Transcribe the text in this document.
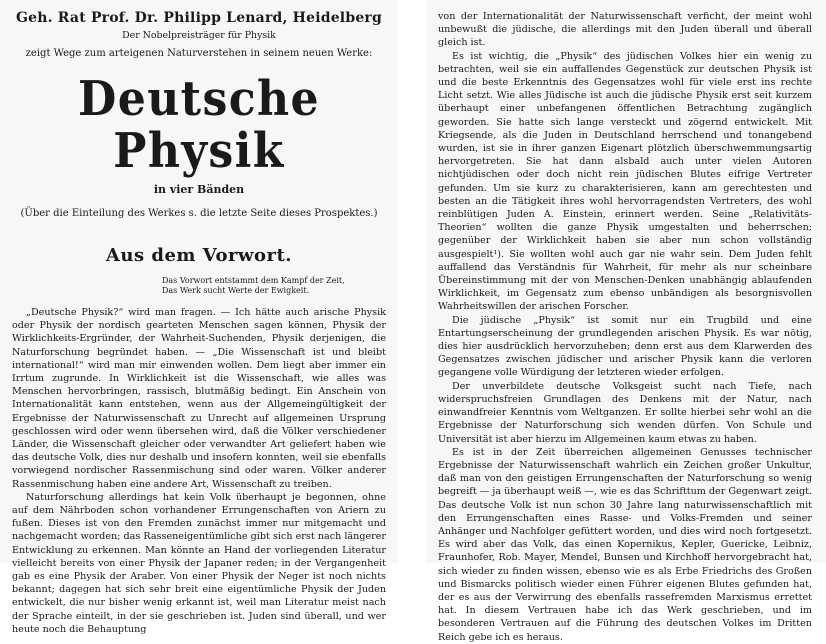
Geh. Rat Prof. Dr. Philipp Lenard, Heidelberg
Der Nobelpreisträger für Physik
zeigt Wege zum arteigenen Naturverstehen in seinem neuen Werke:
Deutsche Physik
in vier Bänden
(Über die Einteilung des Werkes s. die letzte Seite dieses Prospektes.)
Aus dem Vorwort.
Das Vorwort entstammt dem Kampf der Zeit,
Das Werk sucht Werte der Ewigkeit.

„Deutsche Physik?“ wird man fragen. — Ich hätte auch arische Physik oder Physik der nordisch gearteten Menschen sagen können, Physik der Wirklichkeits-Ergründer, der Wahrheit-Suchenden, Physik derjenigen, die Naturforschung begründet haben. — „Die Wissenschaft ist und bleibt international!“ wird man mir einwenden wollen. Dem liegt aber immer ein Irrtum zugrunde. In Wirklichkeit ist die Wissenschaft, wie alles was Menschen hervorbringen, rassisch, blutmäßig bedingt. Ein Anschein von Internationalität kann entstehen, wenn aus der Allgemeingültigkeit der Ergebnisse der Naturwissenschaft zu Unrecht auf allgemeinen Ursprung geschlossen wird oder wenn übersehen wird, daß die Völker verschiedener Länder, die Wissenschaft gleicher oder verwandter Art geliefert haben wie das deutsche Volk, dies nur deshalb und insofern konnten, weil sie ebenfalls vorwiegend nordischer Rassenmischung sind oder waren. Völker anderer Rassenmischung haben eine andere Art, Wissenschaft zu treiben.

Naturforschung allerdings hat kein Volk überhaupt je begonnen, ohne auf dem Nährboden schon vorhandener Errungenschaften von Ariern zu fußen. Dieses ist von den Fremden zunächst immer nur mitgemacht und nachgemacht worden; das Rasseneigentümliche gibt sich erst nach längerer Entwicklung zu erkennen. Man könnte an Hand der vorliegenden Literatur vielleicht bereits von einer Physik der Japaner reden; in der Vergangenheit gab es eine Physik der Araber. Von einer Physik der Neger ist noch nichts bekannt; dagegen hat sich sehr breit eine eigentümliche Physik der Juden entwickelt, die nur bisher wenig erkannt ist, weil man Literatur meist nach der Sprache einteilt, in der sie geschrieben ist. Juden sind überall, und wer heute noch die Behauptung

von der Internationalität der Naturwissenschaft verficht, der meint wohl unbewußt die jüdische, die allerdings mit den Juden überall und überall gleich ist.

Es ist wichtig, die „Physik“ des jüdischen Volkes hier ein wenig zu betrachten, weil sie ein auffallendes Gegenstück zur deutschen Physik ist und die beste Erkenntnis des Gegensatzes wohl für viele erst ins rechte Licht setzt. Wie alles Jüdische ist auch die jüdische Physik erst seit kurzem überhaupt einer unbefangenen öffentlichen Betrachtung zugänglich geworden. Sie hatte sich lange versteckt und zögernd entwickelt. Mit Kriegsende, als die Juden in Deutschland herrschend und tonangebend wurden, ist sie in ihrer ganzen Eigenart plötzlich überschwemmungsartig hervorgetreten. Sie hat dann alsbald auch unter vielen Autoren nichtjüdischen oder doch nicht rein jüdischen Blutes eifrige Vertreter gefunden. Um sie kurz zu charakterisieren, kann am gerechtesten und besten an die Tätigkeit ihres wohl hervorragendsten Vertreters, des wohl reinblütigen Juden A. Einstein, erinnert werden. Seine „Relativitäts-Theorien“ wollten die ganze Physik umgestalten und beherrschen; gegenüber der Wirklichkeit haben sie aber nun schon vollständig ausgespielt¹). Sie wollten wohl auch gar nie wahr sein. Dem Juden fehlt auffallend das Verständnis für Wahrheit, für mehr als nur scheinbare Übereinstimmung mit der von Menschen-Denken unabhängig ablaufenden Wirklichkeit, im Gegensatz zum ebenso unbändigen als besorgnisvollen Wahrheitswillen der arischen Forscher.

Die jüdische „Physik“ ist somit nur ein Trugbild und eine Entartungserscheinung der grundlegenden arischen Physik. Es war nötig, dies hier ausdrücklich hervorzuheben; denn erst aus dem Klarwerden des Gegensatzes zwischen jüdischer und arischer Physik kann die verloren gegangene volle Würdigung der letzteren wieder erfolgen.

Der unverbildete deutsche Volksgeist sucht nach Tiefe, nach widerspruchsfreien Grundlagen des Denkens mit der Natur, nach einwandfreier Kenntnis vom Weltganzen. Er sollte hierbei sehr wohl an die Ergebnisse der Naturforschung sich wenden dürfen. Von Schule und Universität ist aber hierzu im Allgemeinen kaum etwas zu haben.

Es ist in der Zeit überreichen allgemeinen Genusses technischer Ergebnisse der Naturwissenschaft wahrlich ein Zeichen großer Unkultur, daß man von den geistigen Errungenschaften der Naturforschung so wenig begreift — ja überhaupt weiß —, wie es das Schrifttum der Gegenwart zeigt. Das deutsche Volk ist nun schon 30 Jahre lang naturwissenschaftlich mit den Errungenschaften eines Rasse- und Volks-Fremden und seiner Anhänger und Nachfolger gefüttert worden, und dies wird noch fortgesetzt. Es wird aber das Volk, das einen Kopernikus, Kepler, Guericke, Leibniz, Fraunhofer, Rob. Mayer, Mendel, Bunsen und Kirchhoff hervorgebracht hat, sich wieder zu finden wissen, ebenso wie es als Erbe Friedrichs des Großen und Bismarcks politisch wieder einen Führer eigenen Blutes gefunden hat, der es aus der Verwirrung des ebenfalls rassefremden Marxismus errettet hat. In diesem Vertrauen habe ich das Werk geschrieben, und im besonderen Vertrauen auf die Führung des deutschen Volkes im Dritten Reich gebe ich es heraus.
